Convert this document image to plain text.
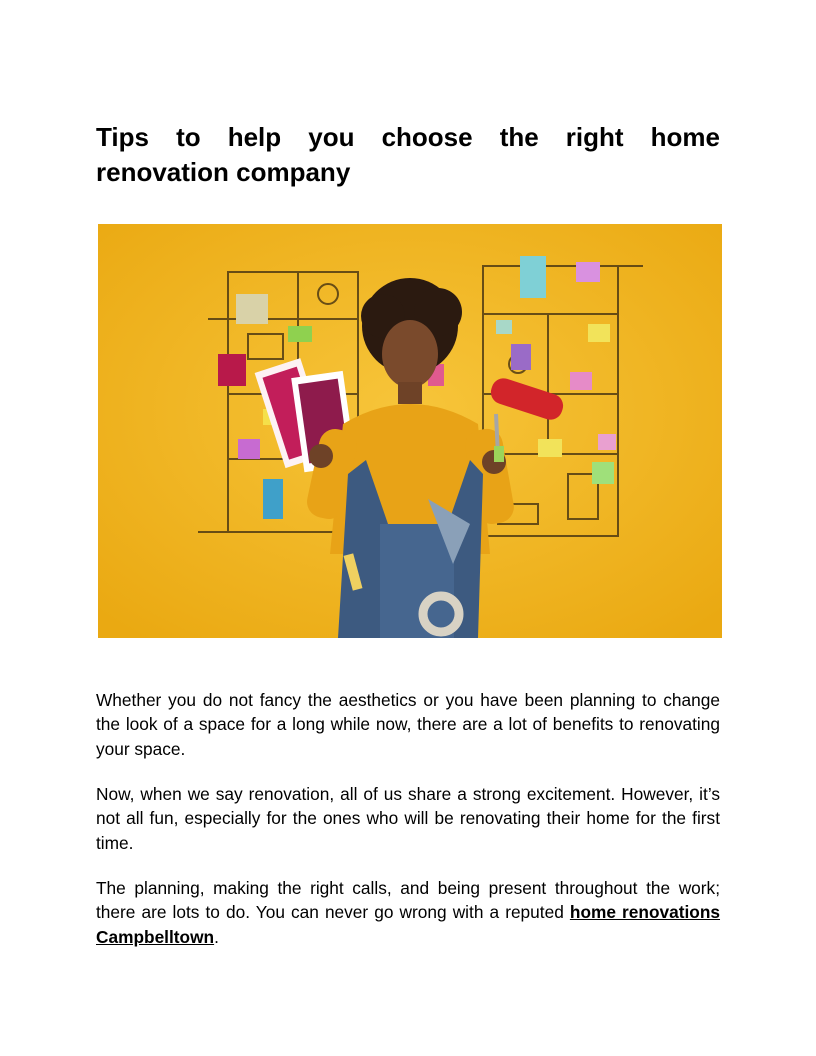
Tips to help you choose the right home
renovation company

Whether you do not fancy the aesthetics or you have been planning to change the look of a space for a long while now, there are a lot of benefits to renovating your space.

Now, when we say renovation, all of us share a strong excitement. However, it’s not all fun, especially for the ones who will be renovating their home for the first time.

The planning, making the right calls, and being present throughout the work; there are lots to do. You can never go wrong with a reputed home renovations Campbelltown.
